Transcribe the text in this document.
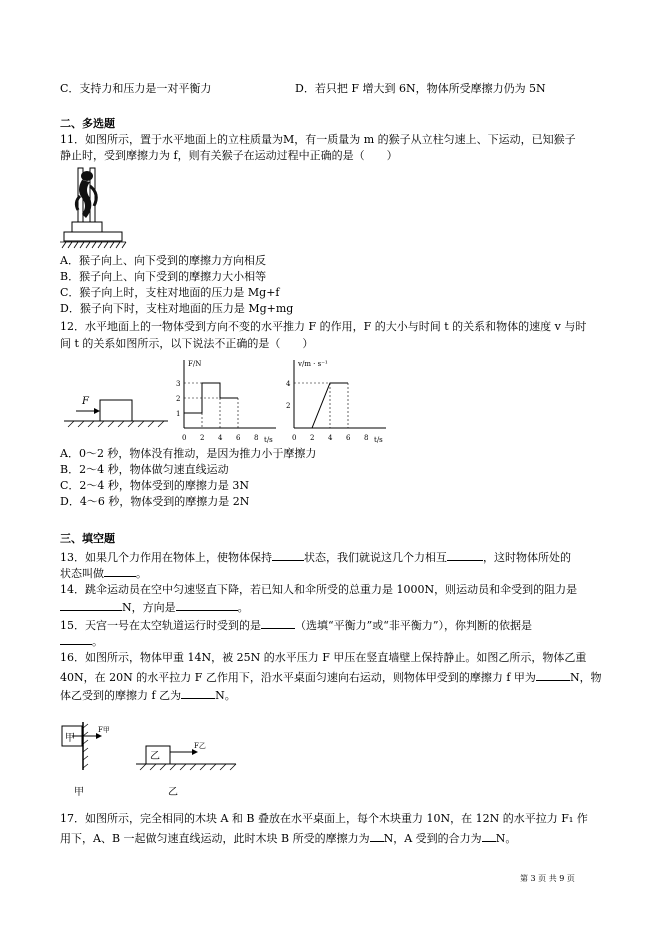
C．支持力和压力是一对平衡力	D．若只把 F 增大到 6N，物体所受摩擦力仍为 5N
二、多选题
11．如图所示，置于水平地面上的立柱质量为M，有一质量为 m 的猴子从立柱匀速上、下运动，已知猴子
静止时，受到摩擦力为 f，则有关猴子在运动过程中正确的是（　　）
A．猴子向上、向下受到的摩擦力方向相反
B．猴子向上、向下受到的摩擦力大小相等
C．猴子向上时，支柱对地面的压力是 Mg+f
D．猴子向下时，支柱对地面的压力是 Mg+mg
12．水平地面上的一物体受到方向不变的水平推力 F 的作用，F 的大小与时间 t 的关系和物体的速度 v 与时
间 t 的关系如图所示，以下说法不正确的是（　　）
F
F/N
t/s
3
2
1
0 2 4 6 8
v/m · s⁻¹
t/s
4
2
0 2 4 6 8
A．0～2 秒，物体没有推动，是因为推力小于摩擦力
B．2～4 秒，物体做匀速直线运动
C．2～4 秒，物体受到的摩擦力是 3N
D．4～6 秒，物体受到的摩擦力是 2N
三、填空题
13．如果几个力作用在物体上，使物体保持	状态，我们就说这几个力相互	，这时物体所处的
状态叫做	。
14．跳伞运动员在空中匀速竖直下降，若已知人和伞所受的总重力是 1000N，则运动员和伞受到的阻力是
N，方向是	。
15．天宫一号在太空轨道运行时受到的是	（选填“平衡力”或“非平衡力”），你判断的依据是
。
16．如图所示，物体甲重 14N，被 25N 的水平压力 F 甲压在竖直墙壁上保持静止。如图乙所示，物体乙重
40N，在 20N 的水平拉力 F 乙作用下，沿水平桌面匀速向右运动，则物体甲受到的摩擦力 f 甲为	N，物
体乙受到的摩擦力 f 乙为	N。
甲
F甲
甲
乙
F乙
乙
17．如图所示，完全相同的木块 A 和 B 叠放在水平桌面上，每个木块重力 10N，在 12N 的水平拉力 F₁ 作
用下，A、B 一起做匀速直线运动，此时木块 B 所受的摩擦力为 N，A 受到的合力为 N。
第 3 页 共 9 页
